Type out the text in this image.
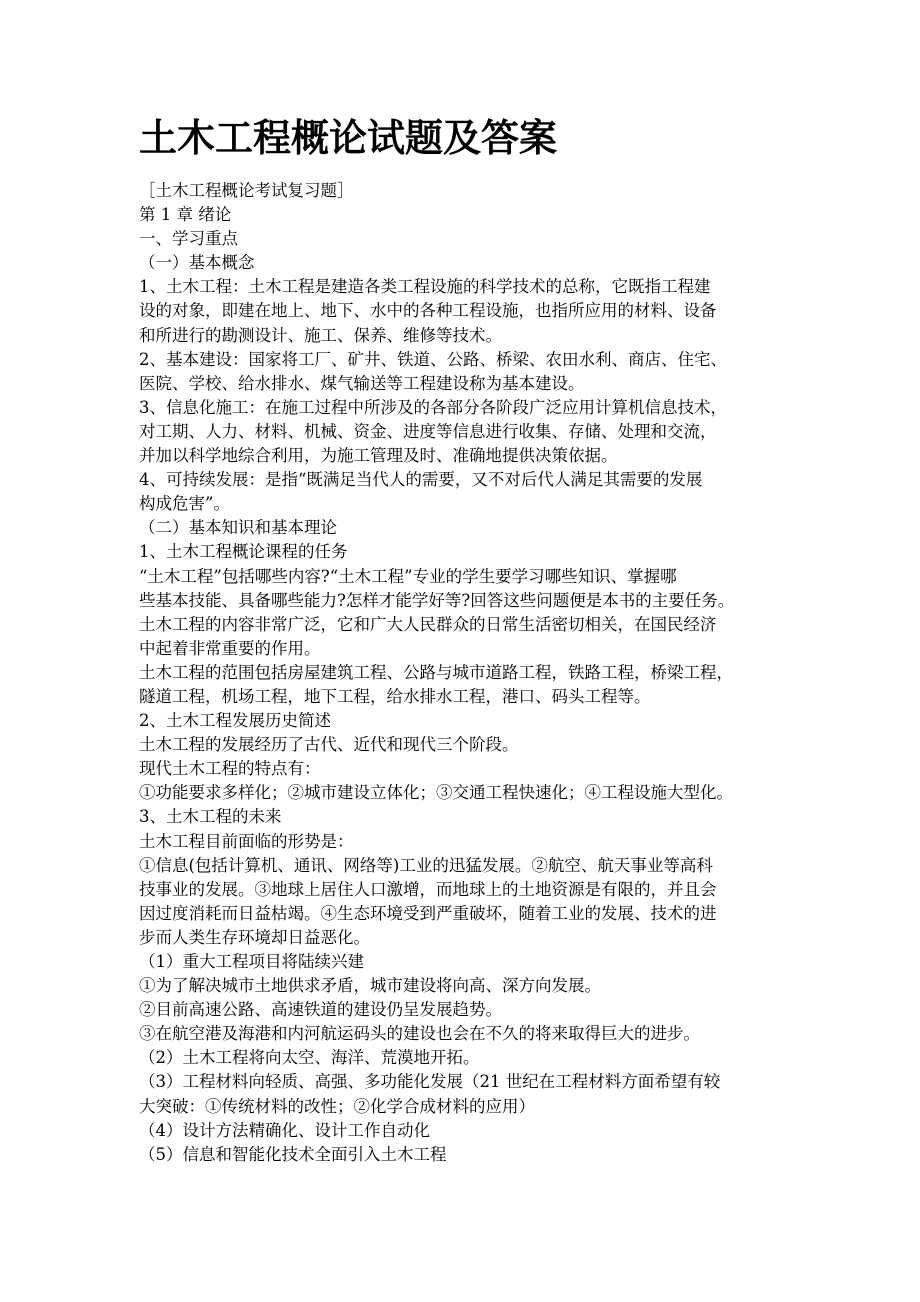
土木工程概论试题及答案
［土木工程概论考试复习题］
第 1 章 绪论
一、学习重点
（一）基本概念
1、土木工程：土木工程是建造各类工程设施的科学技术的总称，它既指工程建
设的对象，即建在地上、地下、水中的各种工程设施，也指所应用的材料、设备
和所进行的勘测设计、施工、保养、维修等技术。
2、基本建设：国家将工厂、矿井、铁道、公路、桥梁、农田水利、商店、住宅、
医院、学校、给水排水、煤气输送等工程建设称为基本建设。
3、信息化施工：在施工过程中所涉及的各部分各阶段广泛应用计算机信息技术，
对工期、人力、材料、机械、资金、进度等信息进行收集、存储、处理和交流，
并加以科学地综合利用，为施工管理及时、准确地提供决策依据。
4、可持续发展：是指“既满足当代人的需要，又不对后代人满足其需要的发展
构成危害”。
（二）基本知识和基本理论
1、土木工程概论课程的任务
“土木工程”包括哪些内容?“土木工程”专业的学生要学习哪些知识、掌握哪
些基本技能、具备哪些能力?怎样才能学好等?回答这些问题便是本书的主要任务。
土木工程的内容非常广泛，它和广大人民群众的日常生活密切相关，在国民经济
中起着非常重要的作用。
土木工程的范围包括房屋建筑工程、公路与城市道路工程，铁路工程，桥梁工程，
隧道工程，机场工程，地下工程，给水排水工程，港口、码头工程等。
2、土木工程发展历史简述
土木工程的发展经历了古代、近代和现代三个阶段。
现代土木工程的特点有：
①功能要求多样化；②城市建设立体化；③交通工程快速化；④工程设施大型化。
3、土木工程的未来
土木工程目前面临的形势是：
①信息(包括计算机、通讯、网络等)工业的迅猛发展。②航空、航天事业等高科
技事业的发展。③地球上居住人口激增，而地球上的土地资源是有限的，并且会
因过度消耗而日益枯竭。④生态环境受到严重破坏，随着工业的发展、技术的进
步而人类生存环境却日益恶化。
（1）重大工程项目将陆续兴建
①为了解决城市土地供求矛盾，城市建设将向高、深方向发展。
②目前高速公路、高速铁道的建设仍呈发展趋势。
③在航空港及海港和内河航运码头的建设也会在不久的将来取得巨大的进步。
（2）土木工程将向太空、海洋、荒漠地开拓。
（3）工程材料向轻质、高强、多功能化发展（21 世纪在工程材料方面希望有较
大突破：①传统材料的改性；②化学合成材料的应用）
（4）设计方法精确化、设计工作自动化
（5）信息和智能化技术全面引入土木工程
